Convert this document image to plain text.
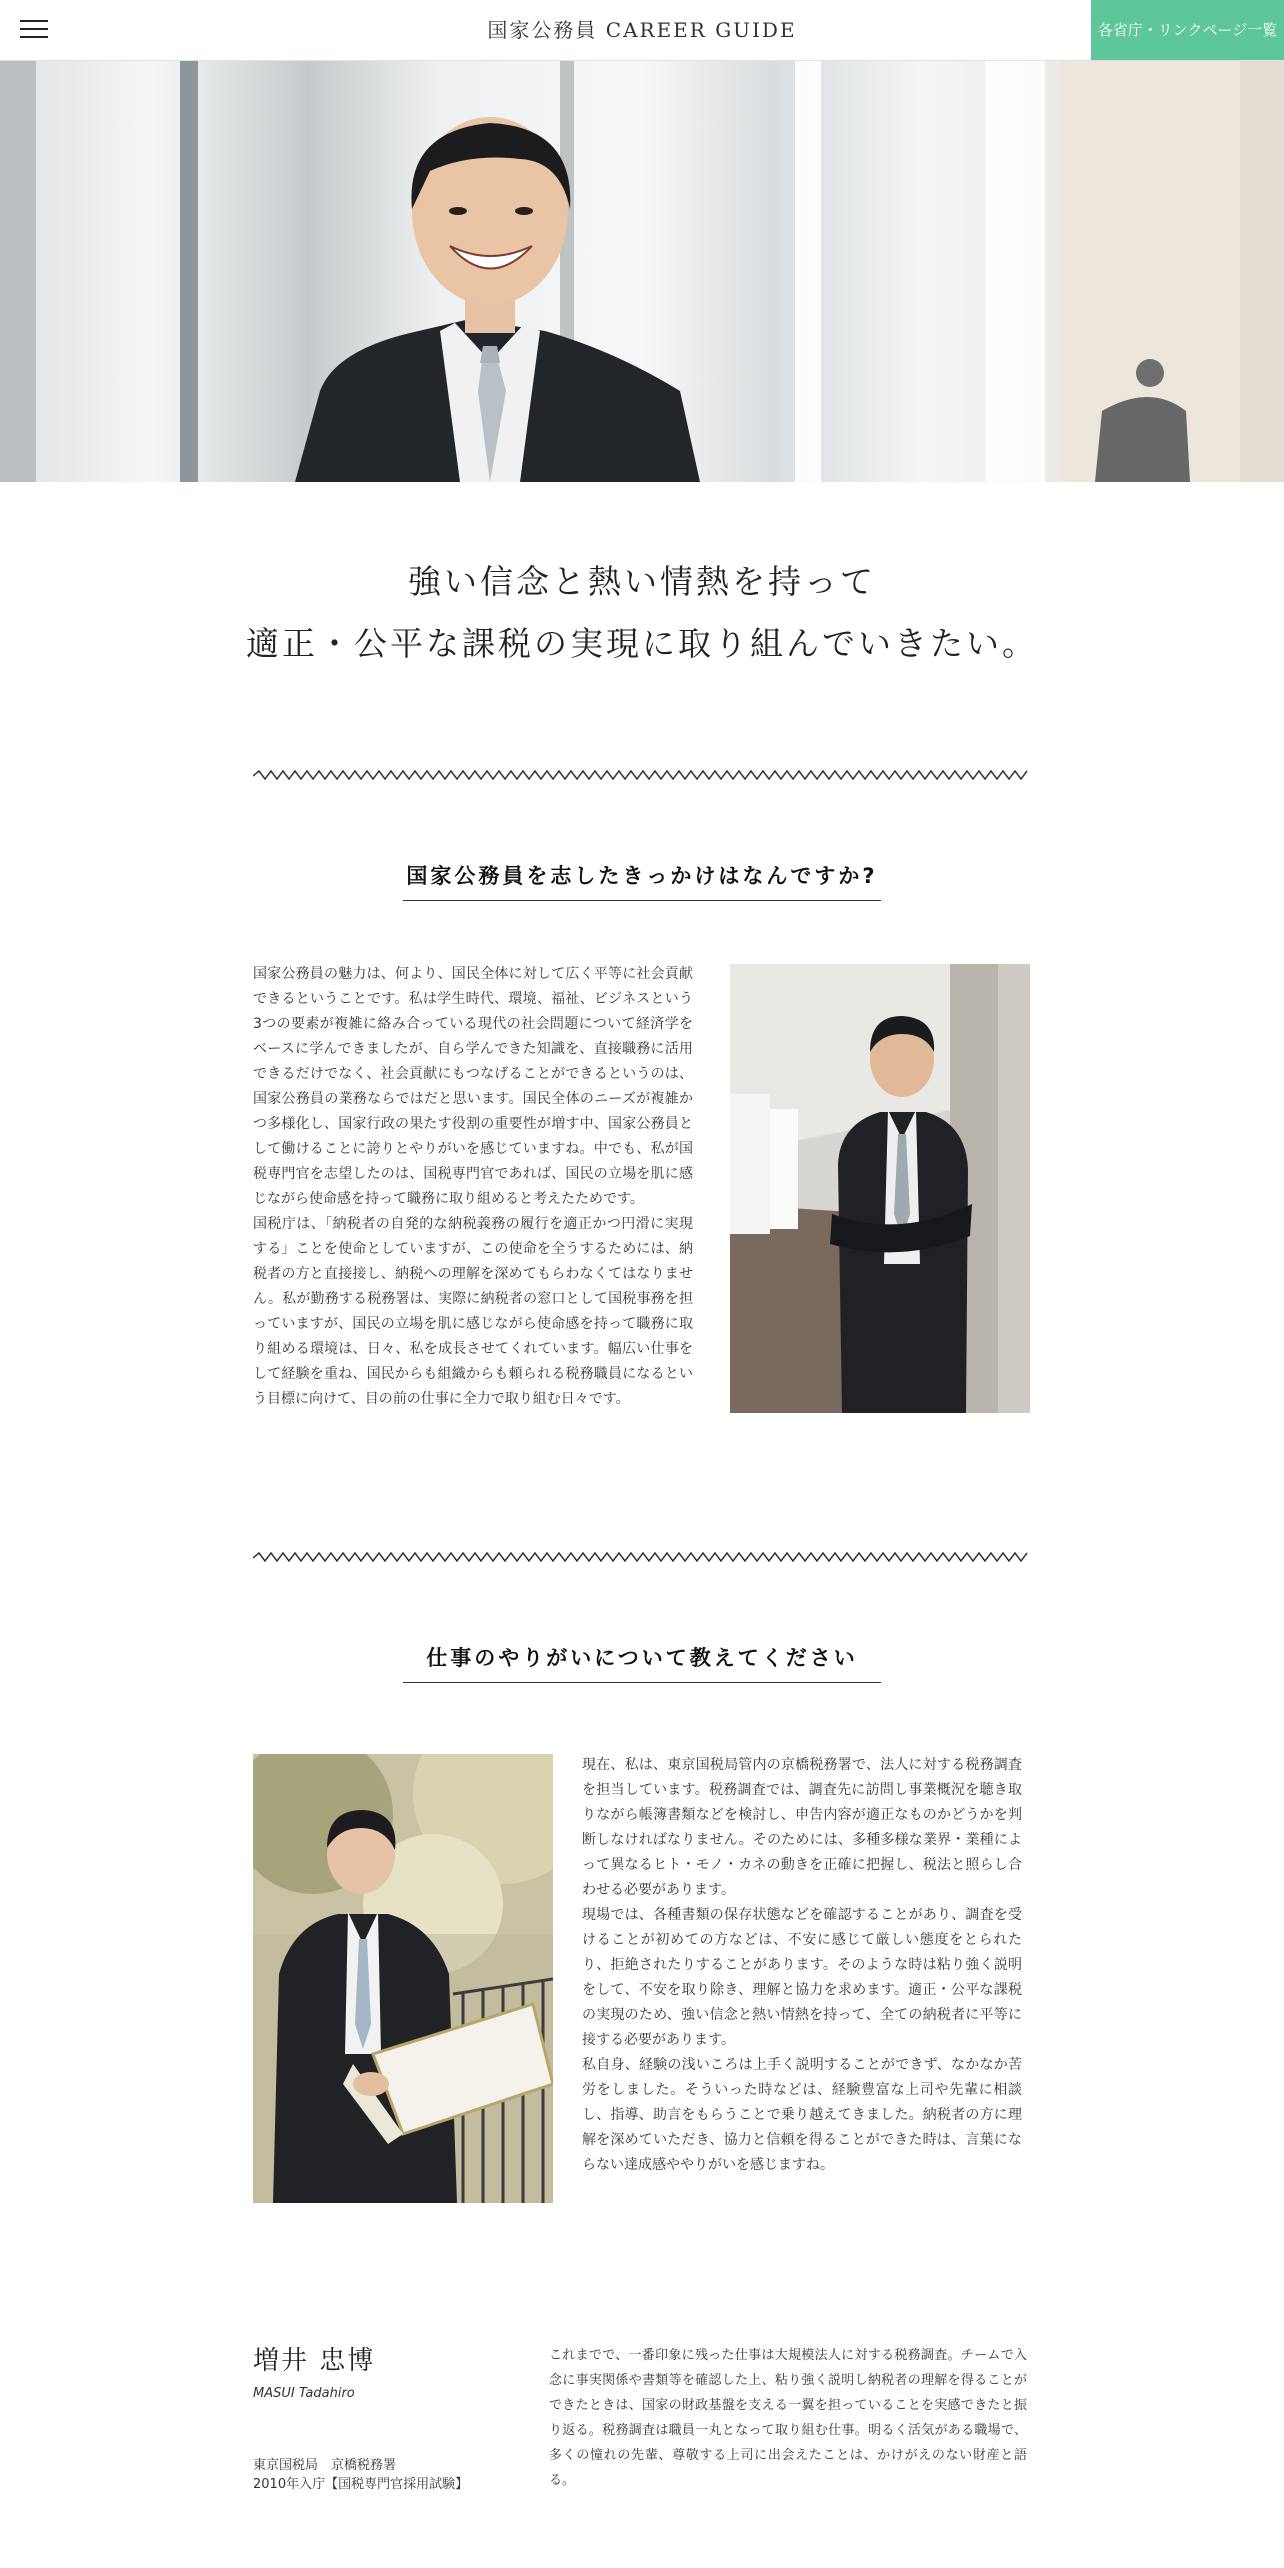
国家公務員 CAREER GUIDE	各省庁・リンクページ一覧
強い信念と熱い情熱を持って
適正・公平な課税の実現に取り組んでいきたい。
国家公務員を志したきっかけはなんですか?

国家公務員の魅力は、何より、国民全体に対して広く平等に社会貢献できるということです。私は学生時代、環境、福祉、ビジネスという3つの要素が複雑に絡み合っている現代の社会問題について経済学をベースに学んできましたが、自ら学んできた知識を、直接職務に活用できるだけでなく、社会貢献にもつなげることができるというのは、国家公務員の業務ならではだと思います。国民全体のニーズが複雑かつ多様化し、国家行政の果たす役割の重要性が増す中、国家公務員として働けることに誇りとやりがいを感じていますね。中でも、私が国税専門官を志望したのは、国税専門官であれば、国民の立場を肌に感じながら使命感を持って職務に取り組めると考えたためです。

国税庁は、「納税者の自発的な納税義務の履行を適正かつ円滑に実現する」ことを使命としていますが、この使命を全うするためには、納税者の方と直接接し、納税への理解を深めてもらわなくてはなりません。私が勤務する税務署は、実際に納税者の窓口として国税事務を担っていますが、国民の立場を肌に感じながら使命感を持って職務に取り組める環境は、日々、私を成長させてくれています。幅広い仕事をして経験を重ね、国民からも組織からも頼られる税務職員になるという目標に向けて、目の前の仕事に全力で取り組む日々です。

仕事のやりがいについて教えてください

現在、私は、東京国税局管内の京橋税務署で、法人に対する税務調査を担当しています。税務調査では、調査先に訪問し事業概況を聴き取りながら帳簿書類などを検討し、申告内容が適正なものかどうかを判断しなければなりません。そのためには、多種多様な業界・業種によって異なるヒト・モノ・カネの動きを正確に把握し、税法と照らし合わせる必要があります。

現場では、各種書類の保存状態などを確認することがあり、調査を受けることが初めての方などは、不安に感じて厳しい態度をとられたり、拒絶されたりすることがあります。そのような時は粘り強く説明をして、不安を取り除き、理解と協力を求めます。適正・公平な課税の実現のため、強い信念と熱い情熱を持って、全ての納税者に平等に接する必要があります。

私自身、経験の浅いころは上手く説明することができず、なかなか苦労をしました。そういった時などは、経験豊富な上司や先輩に相談し、指導、助言をもらうことで乗り越えてきました。納税者の方に理解を深めていただき、協力と信頼を得ることができた時は、言葉にならない達成感ややりがいを感じますね。

増井 忠博
MASUI Tadahiro
東京国税局　京橋税務署
2010年入庁【国税専門官採用試験】
これまでで、一番印象に残った仕事は大規模法人に対する税務調査。チームで入念に事実関係や書類等を確認した上、粘り強く説明し納税者の理解を得ることができたときは、国家の財政基盤を支える一翼を担っていることを実感できたと振り返る。税務調査は職員一丸となって取り組む仕事。明るく活気がある職場で、多くの憧れの先輩、尊敬する上司に出会えたことは、かけがえのない財産と語る。
